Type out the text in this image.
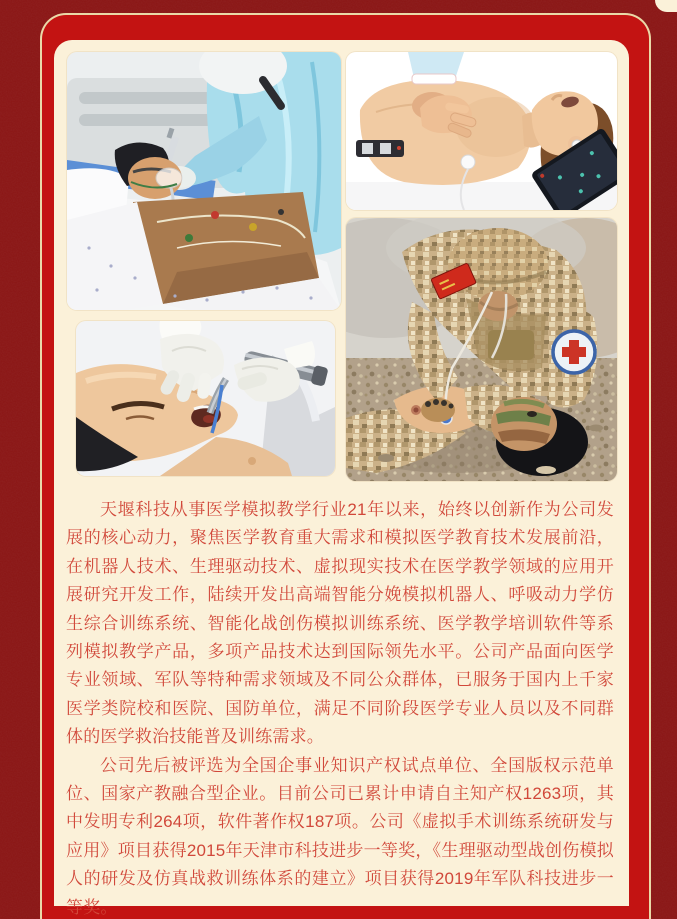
天堰科技从事医学模拟教学行业21年以来，始终以创新作为公司发展的核心动力，聚焦医学教育重大需求和模拟医学教育技术发展前沿，在机器人技术、生理驱动技术、虚拟现实技术在医学教学领域的应用开展研究开发工作，陆续开发出高端智能分娩模拟机器人、呼吸动力学仿生综合训练系统、智能化战创伤模拟训练系统、医学教学培训软件等系列模拟教学产品，多项产品技术达到国际领先水平。公司产品面向医学专业领域、军队等特种需求领域及不同公众群体，已服务于国内上千家医学类院校和医院、国防单位，满足不同阶段医学专业人员以及不同群体的医学救治技能普及训练需求。

公司先后被评选为全国企事业知识产权试点单位、全国版权示范单位、国家产教融合型企业。目前公司已累计申请自主知产权1263项，其中发明专利264项，软件著作权187项。公司《虚拟手术训练系统研发与应用》项目获得2015年天津市科技进步一等奖，《生理驱动型战创伤模拟人的研发及仿真战救训练体系的建立》项目获得2019年军队科技进步一等奖。
